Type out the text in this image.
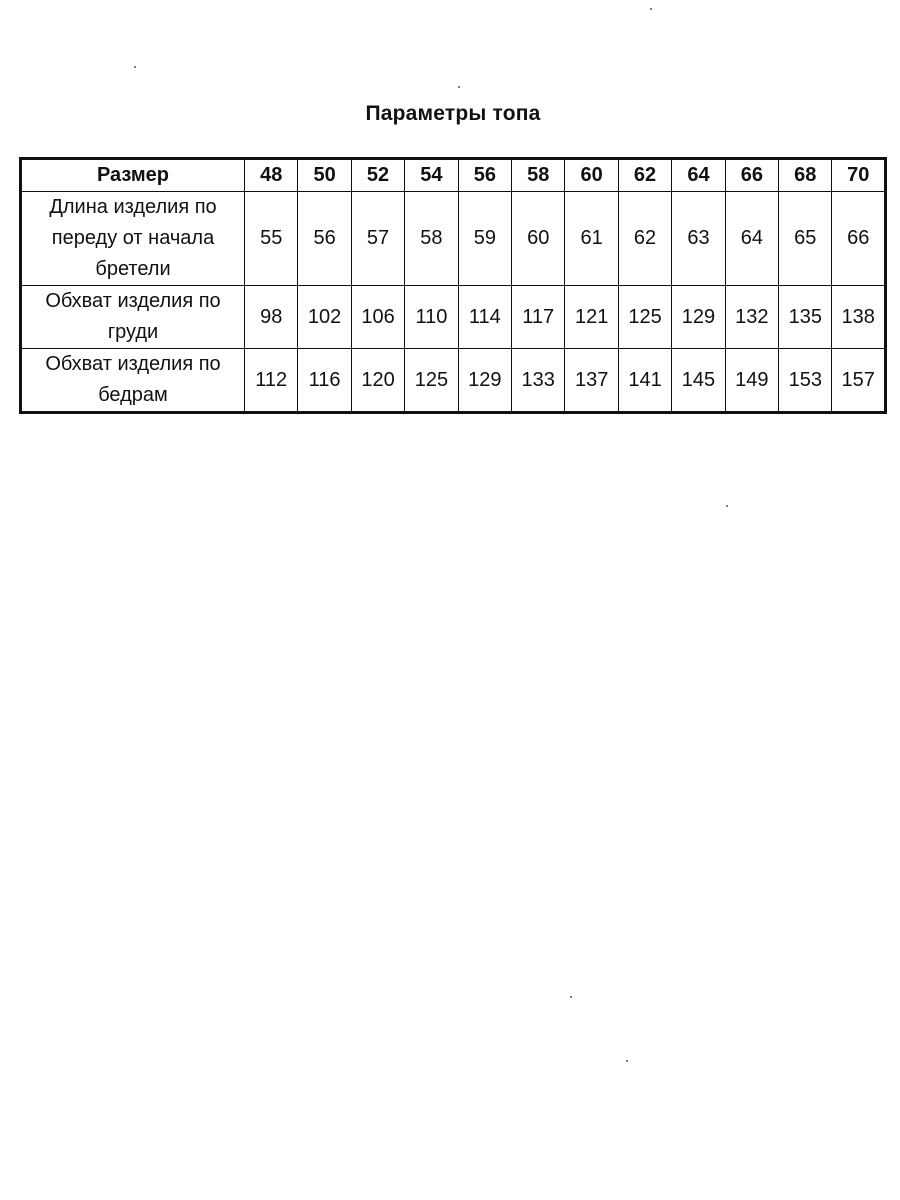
Параметры топа
Размер	48	50	52	54	56	58	60	62	64	66	68	70
Длина изделия по переду от начала бретели	55	56	57	58	59	60	61	62	63	64	65	66
Обхват изделия по груди	98	102	106	110	114	117	121	125	129	132	135	138
Обхват изделия по бедрам	112	116	120	125	129	133	137	141	145	149	153	157
